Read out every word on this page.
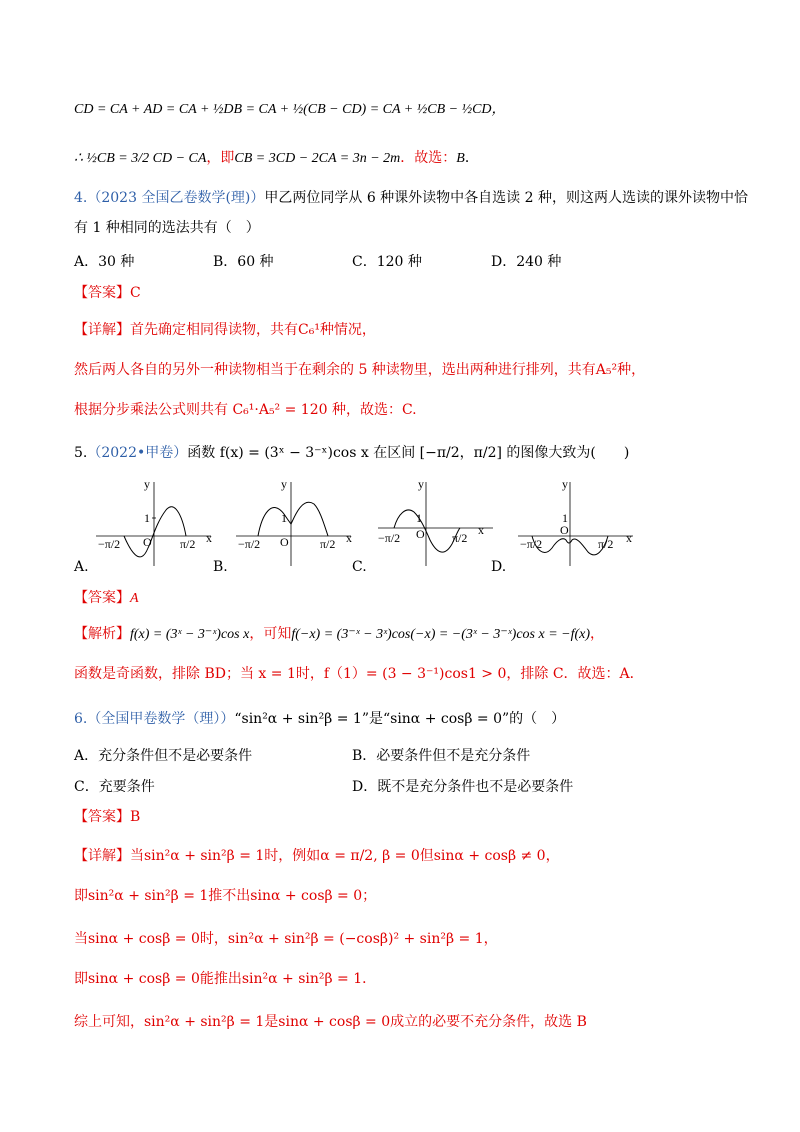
CD = CA + AD = CA + ½DB = CA + ½(CB − CD) = CA + ½CB − ½CD，
∴ ½CB = 3/2 CD − CA，即CB = 3CD − 2CA = 3n − 2m．故选：B．
4.（2023 全国乙卷数学(理)）甲乙两位同学从 6 种课外读物中各自选读 2 种，则这两人选读的课外读物中恰
有 1 种相同的选法共有（　）
A．30 种	B．60 种	C．120 种	D．240 种
【答案】C
【详解】首先确定相同得读物，共有C₆¹种情况，
然后两人各自的另外一种读物相当于在剩余的 5 种读物里，选出两种进行排列，共有A₅²种，
根据分步乘法公式则共有 C₆¹·A₅² = 120 种，故选：C.
5.（2022•甲卷）函数 f(x) = (3ˣ − 3⁻ˣ)cos x 在区间 [−π/2，π/2] 的图像大致为(　　)
y
x
O
1
−π/2	π/2
y
x
O
1
−π/2	π/2
y
x
O
1
−π/2	π/2
y
x
O
1
−π/2	π/2
A.	B.	C.	D.
【答案】A
【解析】f(x) = (3ˣ − 3⁻ˣ)cos x，可知f(−x) = (3⁻ˣ − 3ˣ)cos(−x) = −(3ˣ − 3⁻ˣ)cos x = −f(x)，
函数是奇函数，排除 BD；当 x = 1时，f（1）= (3 − 3⁻¹)cos1 > 0，排除 C．故选：A．
6.（全国甲卷数学（理））“sin²α + sin²β = 1”是“sinα + cosβ = 0”的（　）
A．充分条件但不是必要条件	B．必要条件但不是充分条件
C．充要条件	D．既不是充分条件也不是必要条件
【答案】B
【详解】当sin²α + sin²β = 1时，例如α = π/2, β = 0但sinα + cosβ ≠ 0，
即sin²α + sin²β = 1推不出sinα + cosβ = 0；
当sinα + cosβ = 0时，sin²α + sin²β = (−cosβ)² + sin²β = 1，
即sinα + cosβ = 0能推出sin²α + sin²β = 1．
综上可知，sin²α + sin²β = 1是sinα + cosβ = 0成立的必要不充分条件，故选 B
